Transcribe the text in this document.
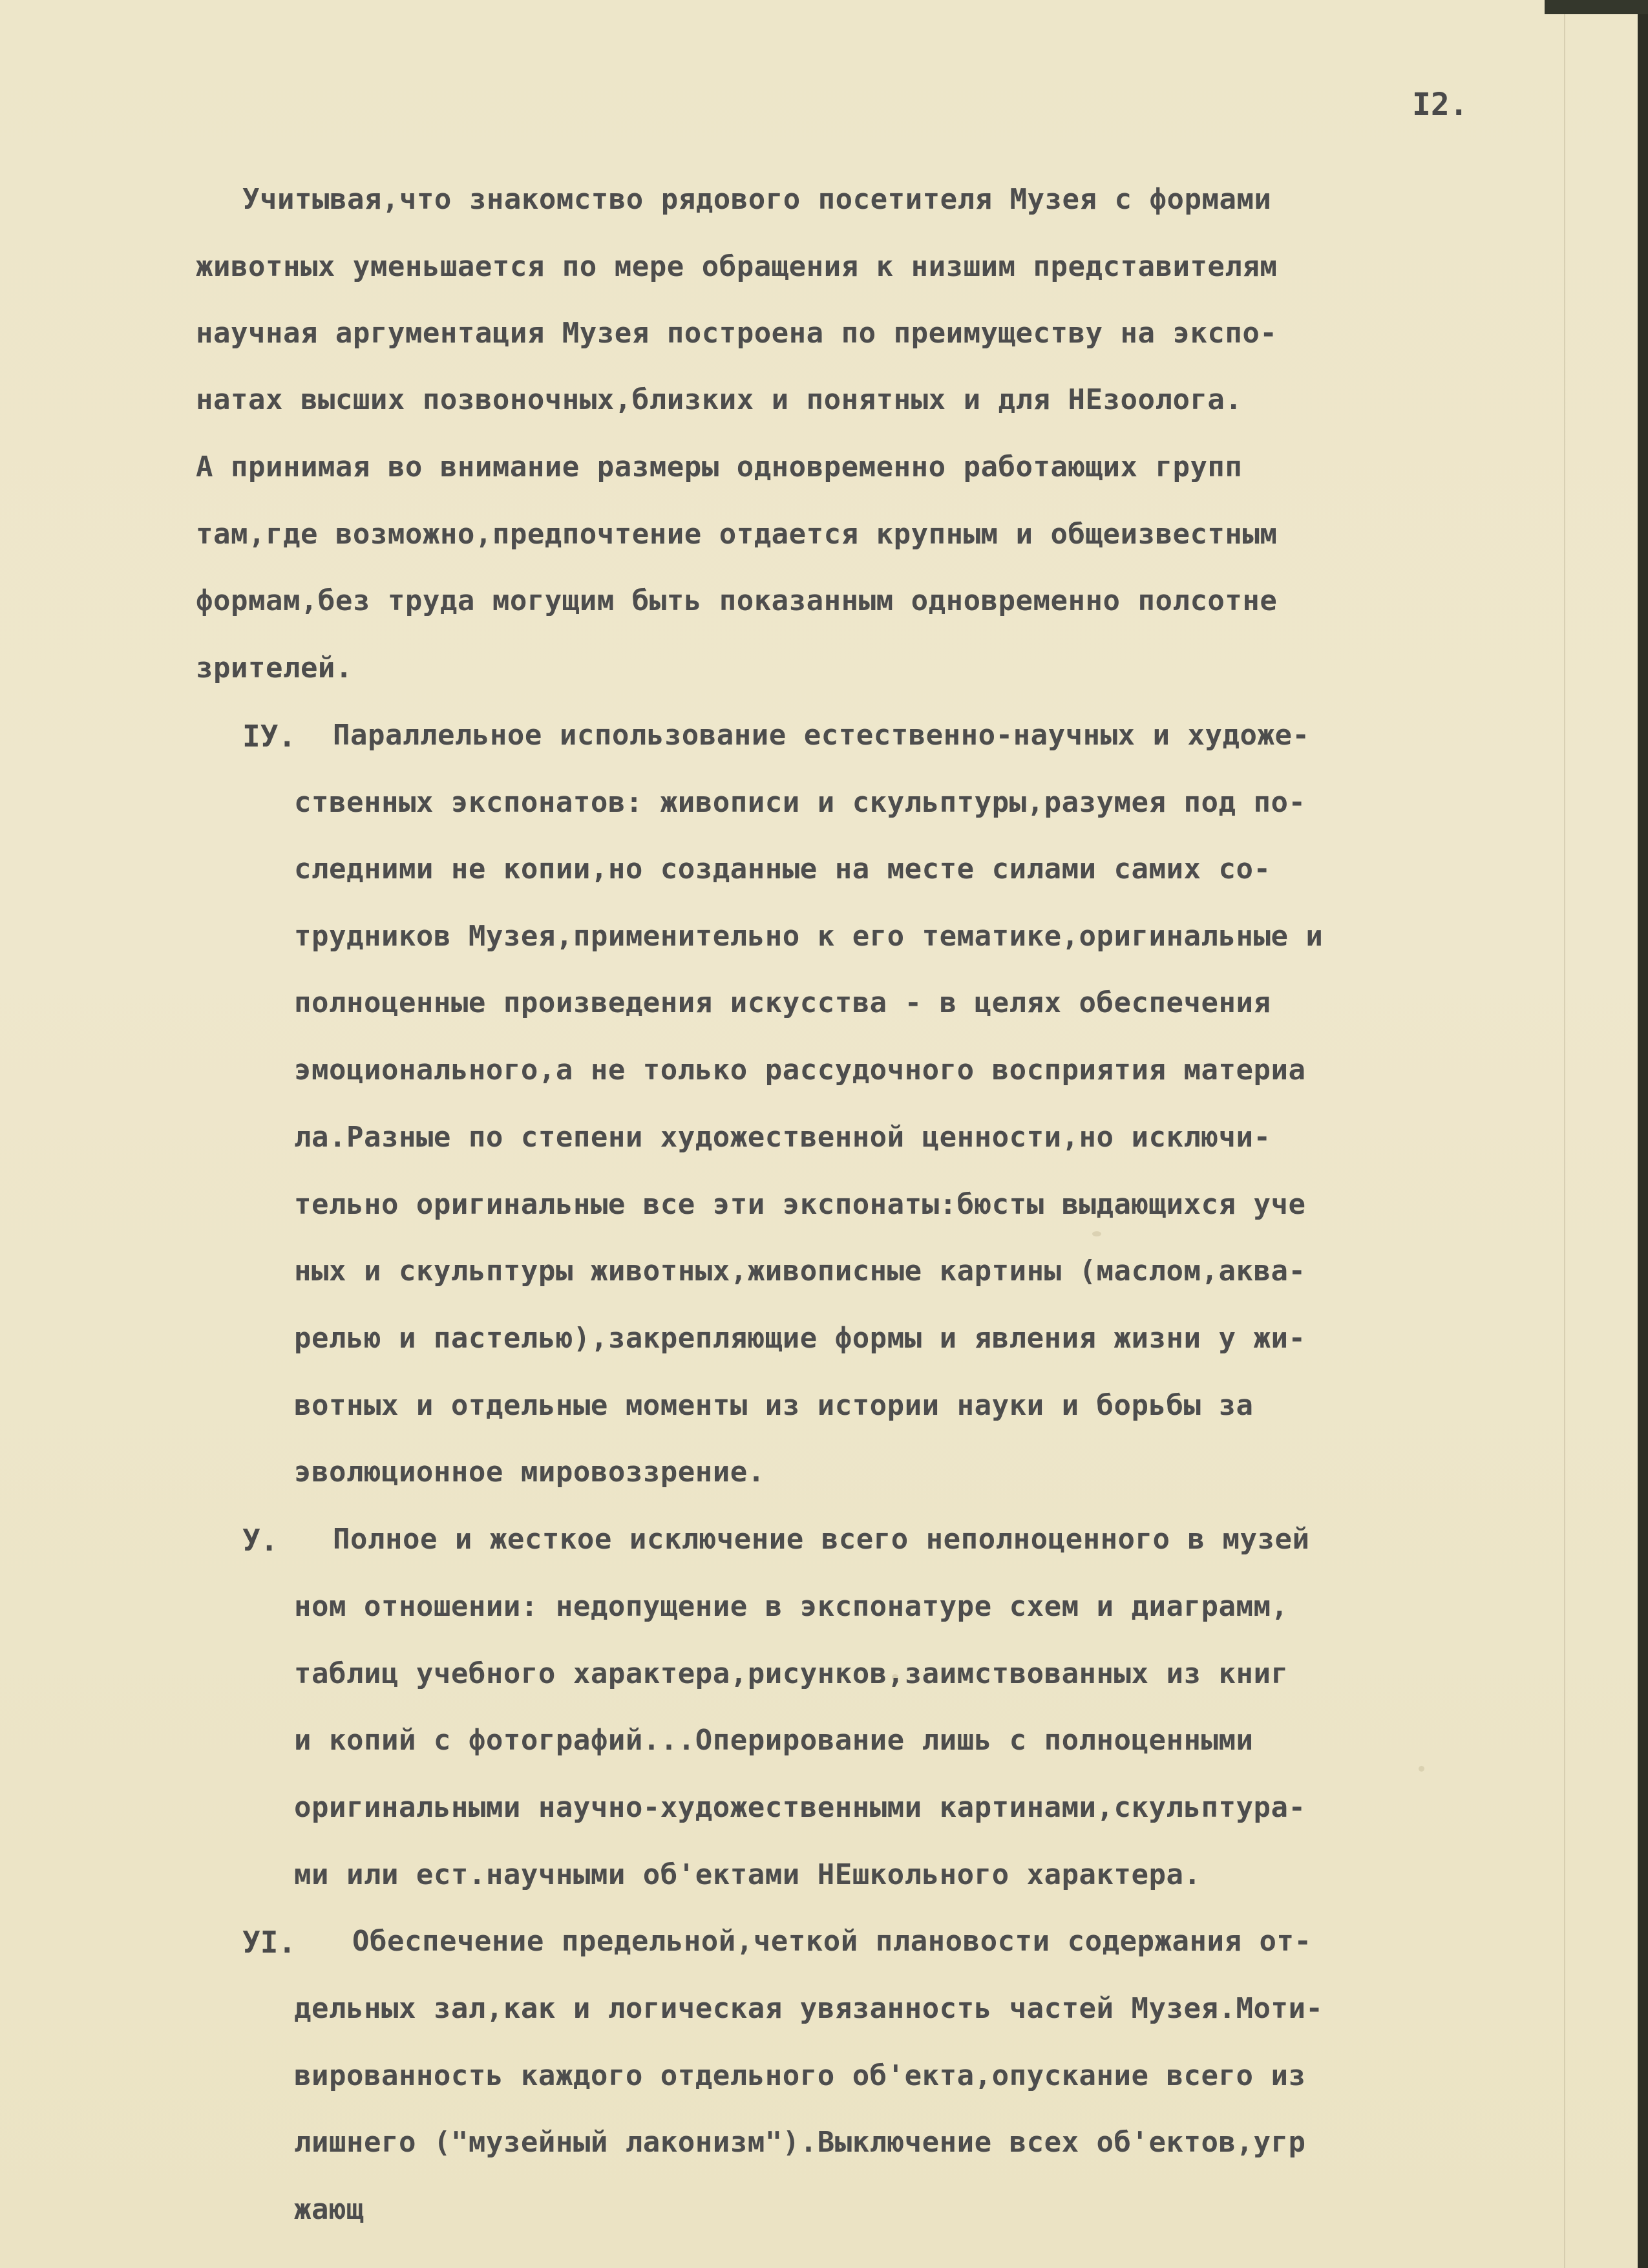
I2.
Учитывая,что знакомство рядового посетителя Музея с формами
животных уменьшается по мере обращения к низшим представителям
научная аргументация Музея построена по преимуществу на экспо-
натах высших позвоночных,близких и понятных и для НЕзоолога.
А принимая во внимание размеры одновременно работающих групп
там,где возможно,предпочтение отдается крупным и общеизвестным
формам,без труда могущим быть показанным одновременно полсотне
зрителей.
IУ. Параллельное использование естественно-научных и художе-
ственных экспонатов: живописи и скульптуры,разумея под по-
следними не копии,но созданные на месте силами самих со-
трудников Музея,применительно к его тематике,оригинальные и
полноценные произведения искусства - в целях обеспечения
эмоционального,а не только рассудочного восприятия материа
ла.Разные по степени художественной ценности,но исключи-
тельно оригинальные все эти экспонаты:бюсты выдающихся уче
ных и скульптуры животных,живописные картины (маслом,аква-
релью и пастелью),закрепляющие формы и явления жизни у жи-
вотных и отдельные моменты из истории науки и борьбы за
эволюционное мировоззрение.
У. Полное и жесткое исключение всего неполноценного в музей
ном отношении: недопущение в экспонатуре схем и диаграмм,
таблиц учебного характера,рисунков,заимствованных из книг
и копий с фотографий...Оперирование лишь с полноценными
оригинальными научно-художественными картинами,скульптура-
ми или ест.научными об'ектами НЕшкольного характера.
УI. Обеспечение предельной,четкой плановости содержания от-
дельных зал,как и логическая увязанность частей Музея.Моти-
вированность каждого отдельного об'екта,опускание всего из
лишнего ("музейный лаконизм").Выключение всех об'ектов,угр
жающ
